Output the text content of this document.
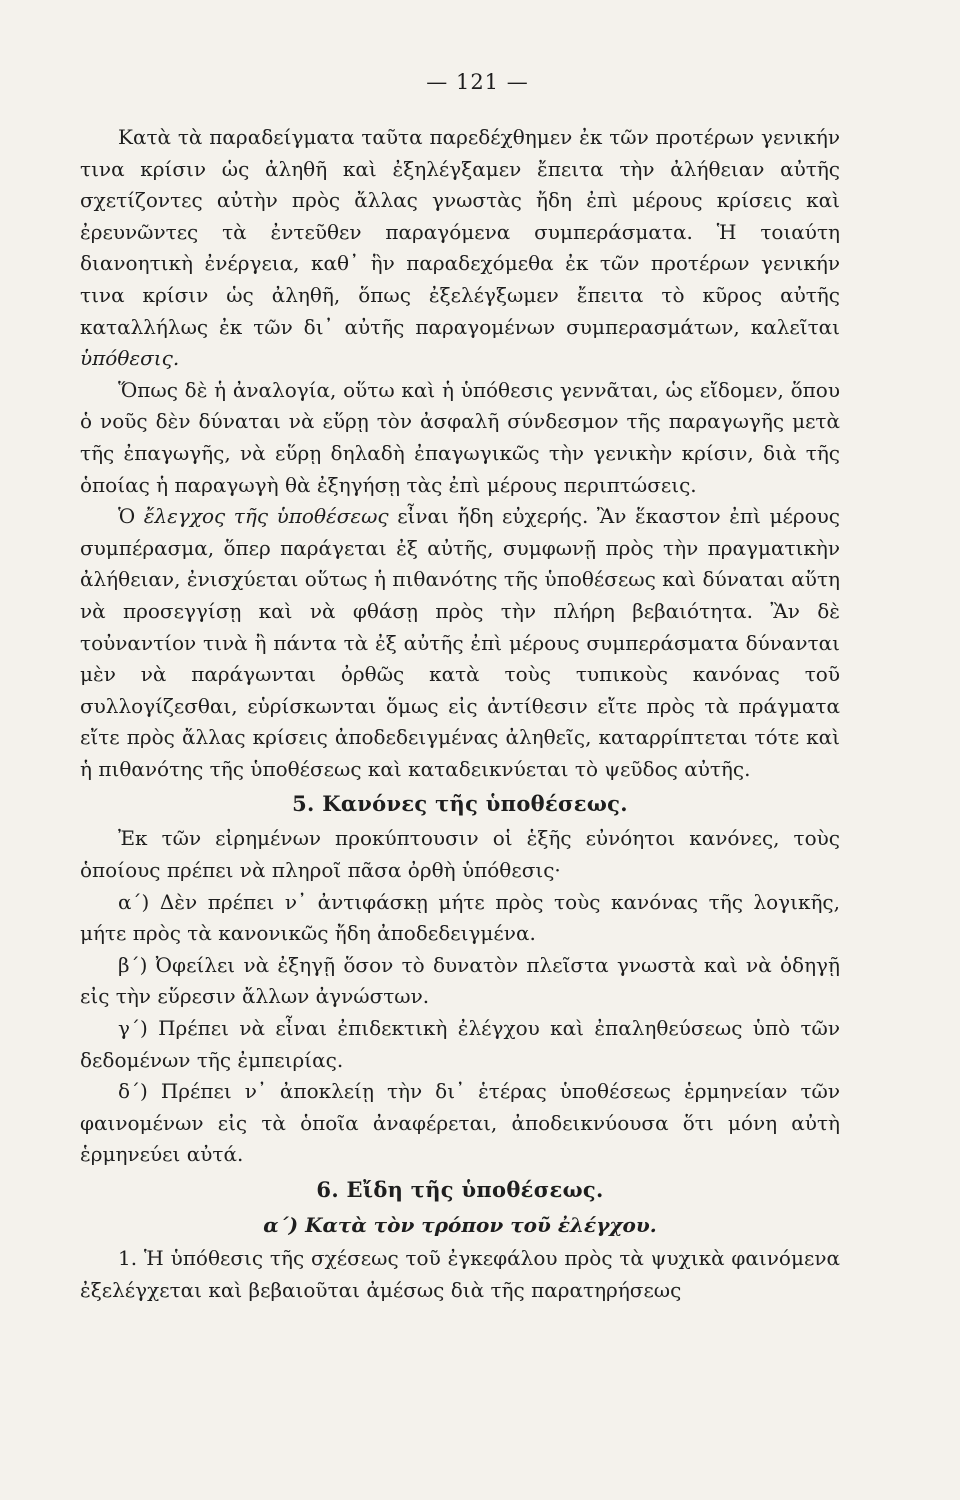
— 121 —

Κατὰ τὰ παραδείγματα ταῦτα παρεδέχθημεν ἐκ τῶν προτέρων γενικήν τινα κρίσιν ὡς ἀληθῆ καὶ ἐξηλέγξαμεν ἔπειτα τὴν ἀλήθειαν αὐτῆς σχετίζοντες αὐτὴν πρὸς ἄλλας γνωστὰς ἤδη ἐπὶ μέρους κρίσεις καὶ ἐρευνῶντες τὰ ἐντεῦθεν παραγόμενα συμπεράσματα. Ἡ τοιαύτη διανοητικὴ ἐνέργεια, καθ᾽ ἣν παραδεχόμεθα ἐκ τῶν προτέρων γενικήν τινα κρίσιν ὡς ἀληθῆ, ὅπως ἐξελέγξωμεν ἔπειτα τὸ κῦρος αὐτῆς καταλλήλως ἐκ τῶν δι᾽ αὐτῆς παραγομένων συμπερασμάτων, καλεῖται ὑπόθεσις.

Ὅπως δὲ ἡ ἀναλογία, οὕτω καὶ ἡ ὑπόθεσις γεννᾶται, ὡς εἴδομεν, ὅπου ὁ νοῦς δὲν δύναται νὰ εὕρῃ τὸν ἀσφαλῆ σύνδεσμον τῆς παραγωγῆς μετὰ τῆς ἐπαγωγῆς, νὰ εὕρῃ δηλαδὴ ἐπαγωγικῶς τὴν γενικὴν κρίσιν, διὰ τῆς ὁποίας ἡ παραγωγὴ θὰ ἐξηγήσῃ τὰς ἐπὶ μέρους περιπτώσεις.

Ὁ ἔλεγχος τῆς ὑποθέσεως εἶναι ἤδη εὐχερής. Ἂν ἕκαστον ἐπὶ μέρους συμπέρασμα, ὅπερ παράγεται ἐξ αὐτῆς, συμφωνῇ πρὸς τὴν πραγματικὴν ἀλήθειαν, ἐνισχύεται οὕτως ἡ πιθανότης τῆς ὑποθέσεως καὶ δύναται αὕτη νὰ προσεγγίσῃ καὶ νὰ φθάσῃ πρὸς τὴν πλήρη βεβαιότητα. Ἂν δὲ τοὐναντίον τινὰ ἢ πάντα τὰ ἐξ αὐτῆς ἐπὶ μέρους συμπεράσματα δύνανται μὲν νὰ παράγωνται ὀρθῶς κατὰ τοὺς τυπικοὺς κανόνας τοῦ συλλογίζεσθαι, εὑρίσκωνται ὅμως εἰς ἀντίθεσιν εἴτε πρὸς τὰ πράγματα εἴτε πρὸς ἄλλας κρίσεις ἀποδεδειγμένας ἀληθεῖς, καταρρίπτεται τότε καὶ ἡ πιθανότης τῆς ὑποθέσεως καὶ καταδεικνύεται τὸ ψεῦδος αὐτῆς.

5. Κανόνες τῆς ὑποθέσεως.

Ἐκ τῶν εἰρημένων προκύπτουσιν οἱ ἑξῆς εὐνόητοι κανόνες, τοὺς ὁποίους πρέπει νὰ πληροῖ πᾶσα ὀρθὴ ὑπόθεσις·

α΄) Δὲν πρέπει ν᾽ ἀντιφάσκῃ μήτε πρὸς τοὺς κανόνας τῆς λογικῆς, μήτε πρὸς τὰ κανονικῶς ἤδη ἀποδεδειγμένα.

β΄) Ὀφείλει νὰ ἐξηγῇ ὅσον τὸ δυνατὸν πλεῖστα γνωστὰ καὶ νὰ ὁδηγῇ εἰς τὴν εὕρεσιν ἄλλων ἀγνώστων.

γ΄) Πρέπει νὰ εἶναι ἐπιδεκτικὴ ἐλέγχου καὶ ἐπαληθεύσεως ὑπὸ τῶν δεδομένων τῆς ἐμπειρίας.

δ΄) Πρέπει ν᾽ ἀποκλείῃ τὴν δι᾽ ἑτέρας ὑποθέσεως ἑρμηνείαν τῶν φαινομένων εἰς τὰ ὁποῖα ἀναφέρεται, ἀποδεικνύουσα ὅτι μόνη αὐτὴ ἑρμηνεύει αὐτά.

6. Εἴδη τῆς ὑποθέσεως.
α΄) Κατὰ τὸν τρόπον τοῦ ἐλέγχου.

1. Ἡ ὑπόθεσις τῆς σχέσεως τοῦ ἐγκεφάλου πρὸς τὰ ψυχικὰ φαινόμενα ἐξελέγχεται καὶ βεβαιοῦται ἀμέσως διὰ τῆς παρατηρήσεως
